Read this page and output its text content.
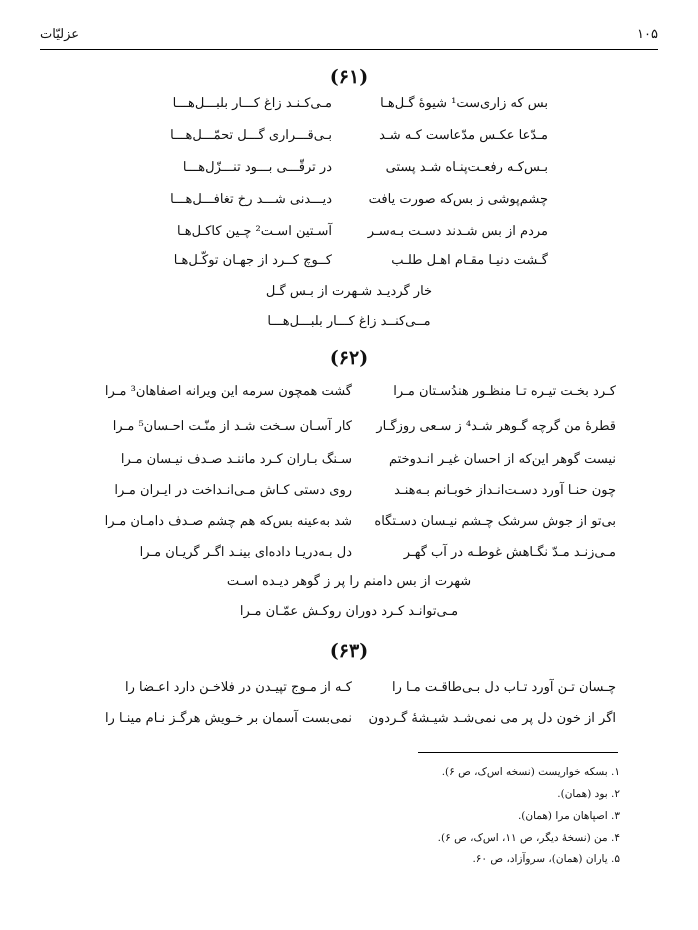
۱۰۵
عزلیّات
(۶۱)
بس که زاری‌ست¹ شیوهٔ گـل‌هـا
مـی‌کـنـد زاغ کـــار بلبـــل‌هـــا
مـدّعا عکـس مدّعاست کـه شـد
بـی‌قـــراری گـــل تحمّـــل‌هـــا
بـس‌کـه رفعـت‌پنـاه شـد پستی
در ترقّـــی بـــود تنـــزّل‌هـــا
چشم‌پوشی ز بس‌که صورت یافت
دیـــدنی شـــد رخ تغافـــل‌هـــا
مردم از بس شـدند دسـت بـه‌سـر
آسـتین اسـت² چـین کاکـل‌هـا
گـشت دنیـا مقـام اهـل طلـب
کــوچ کــرد از جهـان توکّـل‌هـا
خار گردیـد شـهرت از بـس گـل
مــی‌کنــد زاغ کـــار بلبـــل‌هـــا
(۶۲)
کـرد بخـت تیـره تـا منظـور هندُسـتان مـرا
گشت همچون سرمه این ویرانه اصفاهان³ مـرا
قطرهٔ من گرچه گـوهر شـد⁴ ز سـعی روزگـار
کار آسـان سـخت شـد از منّـت احـسان⁵ مـرا
نیست گوهر این‌که از احسان غیـر انـدوختم
سـنگ بـاران کـرد ماننـد صـدف نیـسان مـرا
چون حنـا آورد دسـت‌انـداز خوبـانم بـه‌هنـد
روی دستی کـاش مـی‌انـداخت در ایـران مـرا
بی‌تو از جوش سرشک چـشم نیـسان دسـتگاه
شد به‌عینه بس‌که هم چشم صـدف دامـان مـرا
مـی‌زنـد مـدّ نگـاهش غوطـه در آب گهـر
دل بـه‌دریـا داده‌ای بینـد اگـر گریـان مـرا
شهرت از بس دامنم را پر ز گوهر دیـده اسـت
مـی‌توانـد کـرد دوران روکـش عمّـان مـرا
(۶۳)
چـسان تـن آورد تـاب دل بـی‌طاقـت مـا را
کـه از مـوج تپیـدن در فلاخـن دارد اعـضا را
اگر از خون دل پر می نمی‌شـد شیـشهٔ گـردون
نمی‌بست آسمان بر خـویش هرگـز نـام مینـا را
۱. بسکه خواریست (نسخه اس‌ک، ص ۶).
۲. بود (همان).
۳. اصپاهان مرا (همان).
۴. من (نسخهٔ دیگر، ص ۱۱، اس‌ک، ص ۶).
۵. یاران (همان)، سروآزاد، ص ۶۰.
